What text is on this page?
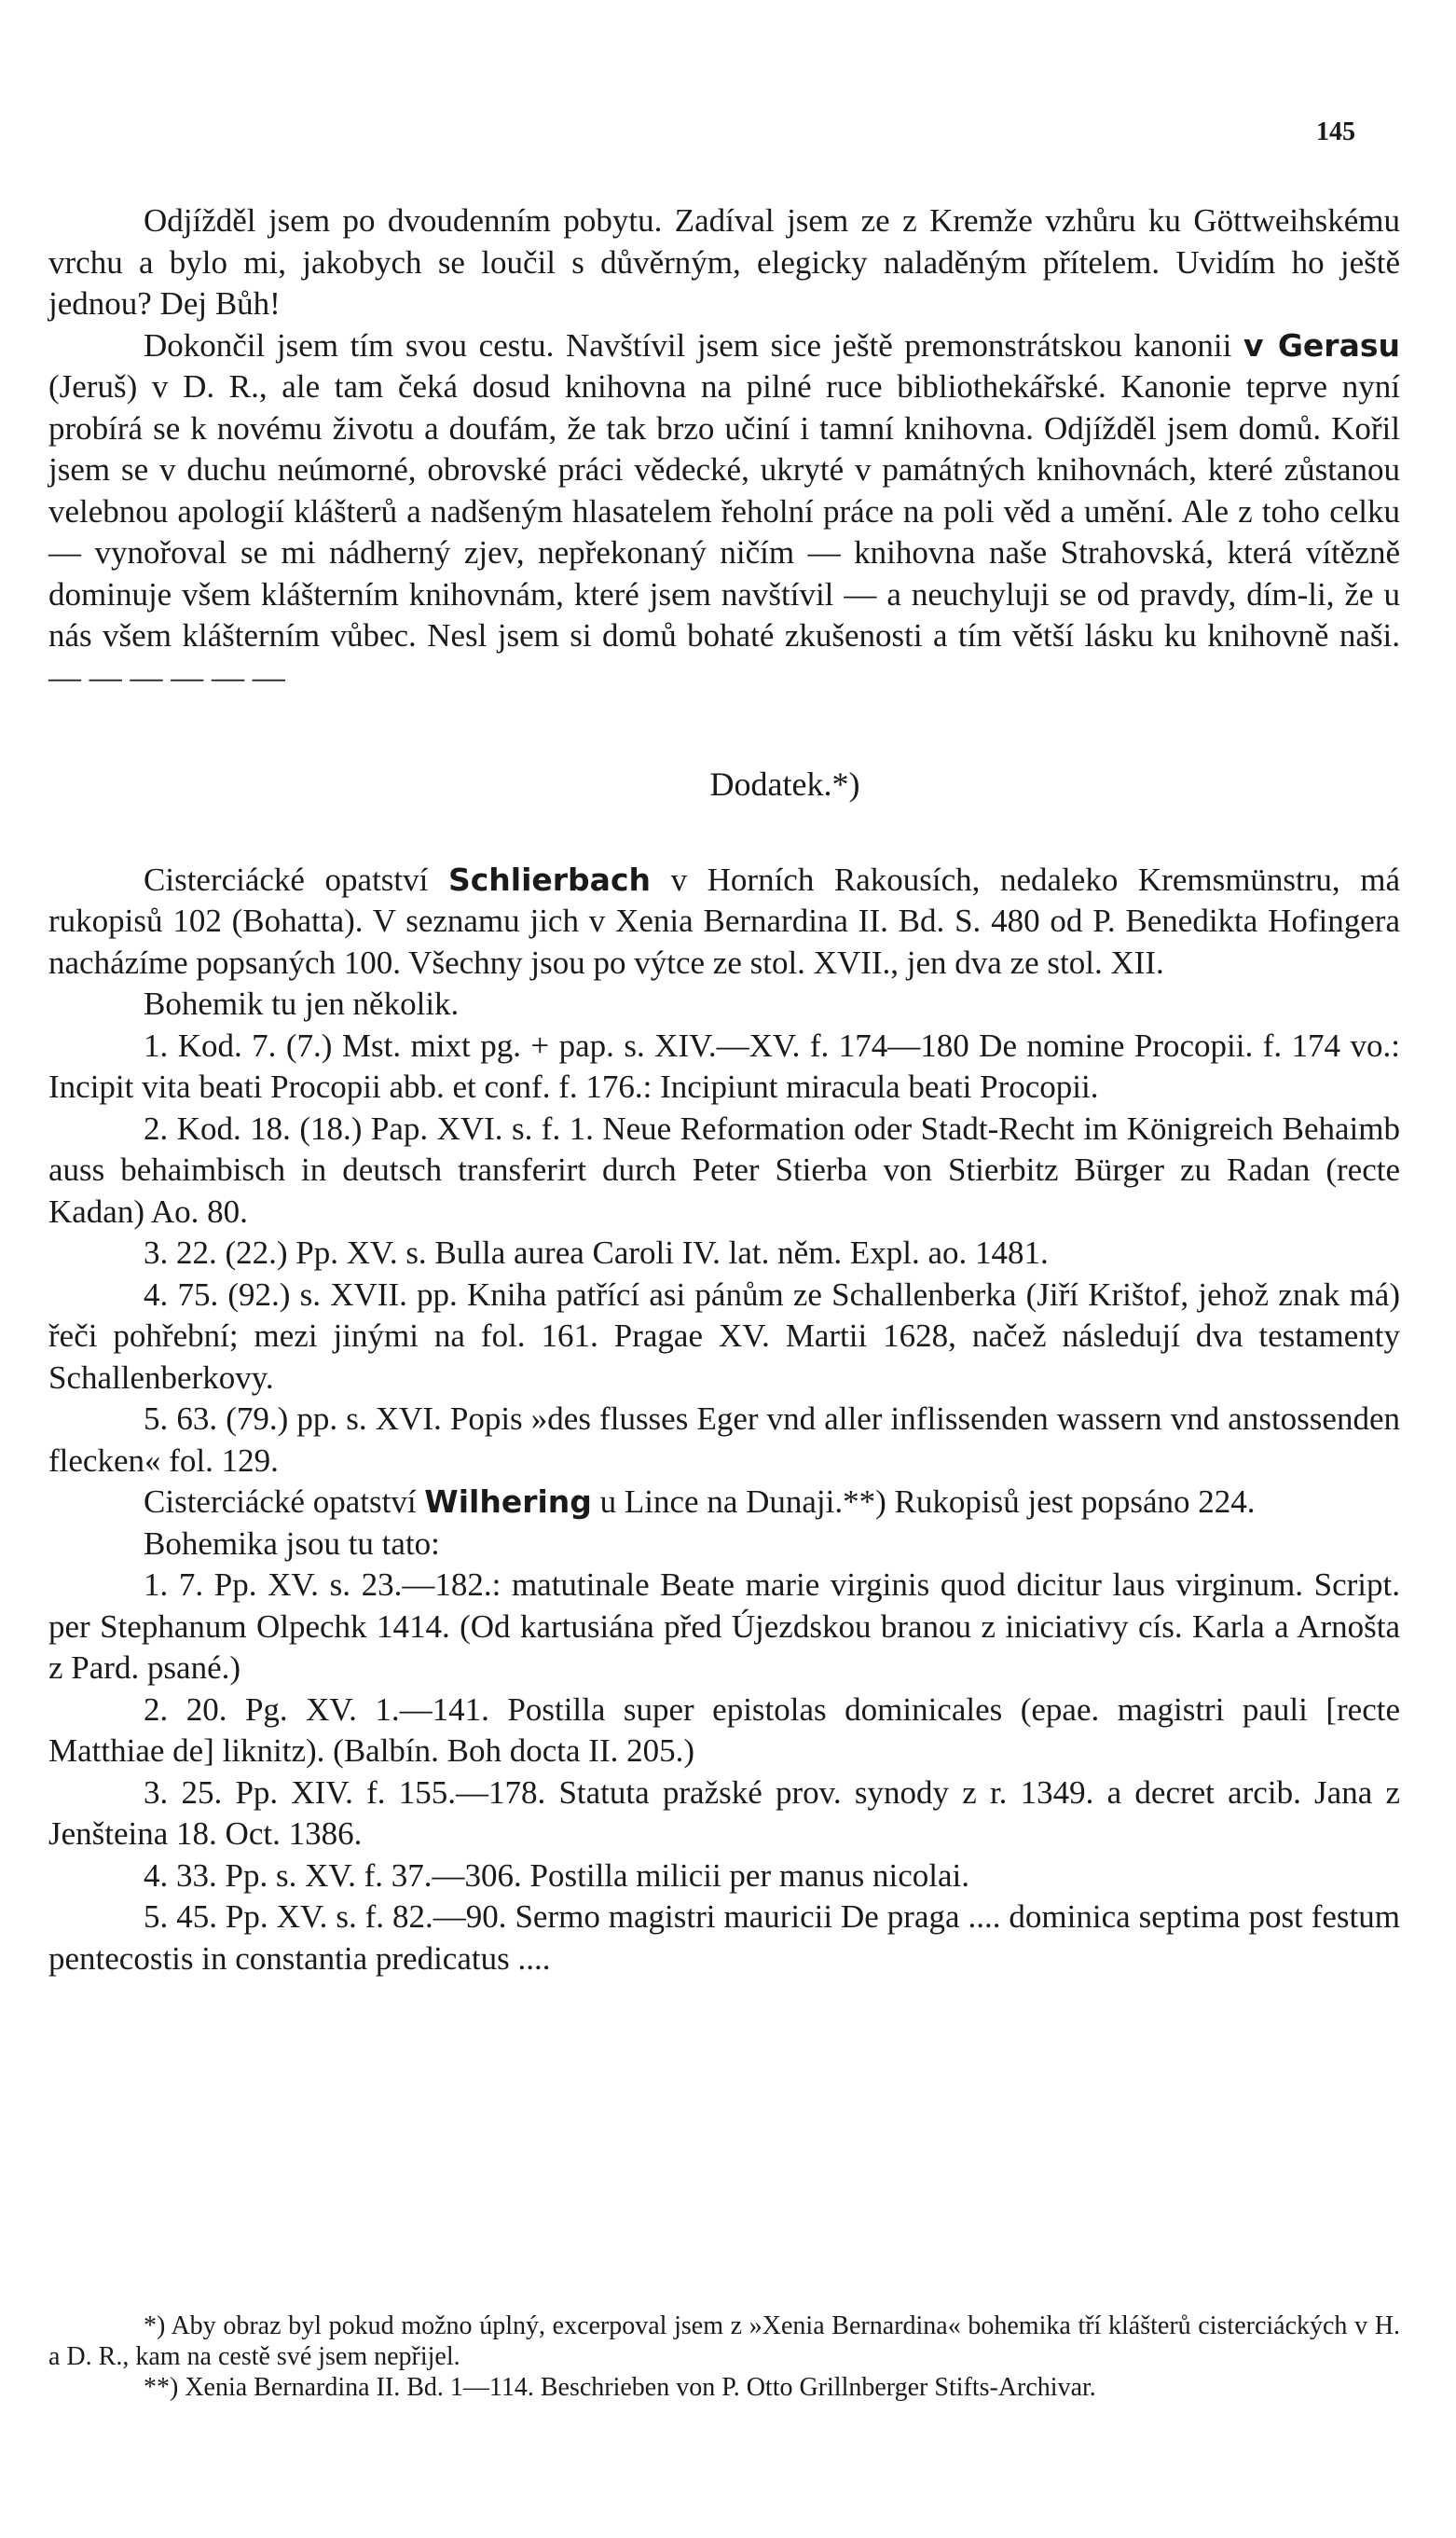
145

Odjížděl jsem po dvoudenním pobytu. Zadíval jsem ze z Kremže vzhůru ku Göttweihskému vrchu a bylo mi, jakobych se loučil s důvěrným, elegicky naladěným přítelem. Uvidím ho ještě jednou? Dej Bůh!

Dokončil jsem tím svou cestu. Navštívil jsem sice ještě premonstrátskou kanonii v Gerasu (Jeruš) v D. R., ale tam čeká dosud knihovna na pilné ruce bibliothekářské. Kanonie teprve nyní probírá se k novému životu a doufám, že tak brzo učiní i tamní knihovna. Odjížděl jsem domů. Kořil jsem se v duchu neúmorné, obrovské práci vědecké, ukryté v památných knihovnách, které zůstanou velebnou apologií klášterů a nadšeným hlasatelem řeholní práce na poli věd a umění. Ale z toho celku — vynořoval se mi nádherný zjev, nepřekonaný ničím — knihovna naše Strahovská, která vítězně dominuje všem klášterním knihovnám, které jsem navštívil — a neuchyluji se od pravdy, dím-li, že u nás všem klášterním vůbec. Nesl jsem si domů bohaté zkušenosti a tím větší lásku ku knihovně naši. — — — — — —

Dodatek.*)

Cisterciácké opatství Schlierbach v Horních Rakousích, nedaleko Kremsmünstru, má rukopisů 102 (Bohatta). V seznamu jich v Xenia Bernardina II. Bd. S. 480 od P. Benedikta Hofingera nacházíme popsaných 100. Všechny jsou po výtce ze stol. XVII., jen dva ze stol. XII.

Bohemik tu jen několik.

1. Kod. 7. (7.) Mst. mixt pg. + pap. s. XIV.—XV. f. 174—180 De nomine Procopii. f. 174 vo.: Incipit vita beati Procopii abb. et conf. f. 176.: Incipiunt miracula beati Procopii.

2. Kod. 18. (18.) Pap. XVI. s. f. 1. Neue Reformation oder Stadt-Recht im Königreich Behaimb auss behaimbisch in deutsch transferirt durch Peter Stierba von Stierbitz Bürger zu Radan (recte Kadan) Ao. 80.

3. 22. (22.) Pp. XV. s. Bulla aurea Caroli IV. lat. něm. Expl. ao. 1481.

4. 75. (92.) s. XVII. pp. Kniha patřící asi pánům ze Schallenberka (Jiří Krištof, jehož znak má) řeči pohřební; mezi jinými na fol. 161. Pragae XV. Martii 1628, načež následují dva testamenty Schallenberkovy.

5. 63. (79.) pp. s. XVI. Popis »des flusses Eger vnd aller inflissenden wassern vnd anstossenden flecken« fol. 129.

Cisterciácké opatství Wilhering u Lince na Dunaji.**) Rukopisů jest popsáno 224.

Bohemika jsou tu tato:

1. 7. Pp. XV. s. 23.—182.: matutinale Beate marie virginis quod dicitur laus virginum. Script. per Stephanum Olpechk 1414. (Od kartusiána před Újezdskou branou z iniciativy cís. Karla a Arnošta z Pard. psané.)

2. 20. Pg. XV. 1.—141. Postilla super epistolas dominicales (epae. magistri pauli [recte Matthiae de] liknitz). (Balbín. Boh docta II. 205.)

3. 25. Pp. XIV. f. 155.—178. Statuta pražské prov. synody z r. 1349. a decret arcib. Jana z Jenšteina 18. Oct. 1386.

4. 33. Pp. s. XV. f. 37.—306. Postilla milicii per manus nicolai.

5. 45. Pp. XV. s. f. 82.—90. Sermo magistri mauricii De praga .... dominica septima post festum pentecostis in constantia predicatus ....

*) Aby obraz byl pokud možno úplný, excerpoval jsem z »Xenia Bernardina« bohemika tří klášterů cisterciáckých v H. a D. R., kam na cestě své jsem nepřijel.

**) Xenia Bernardina II. Bd. 1—114. Beschrieben von P. Otto Grillnberger Stifts-Archivar.
